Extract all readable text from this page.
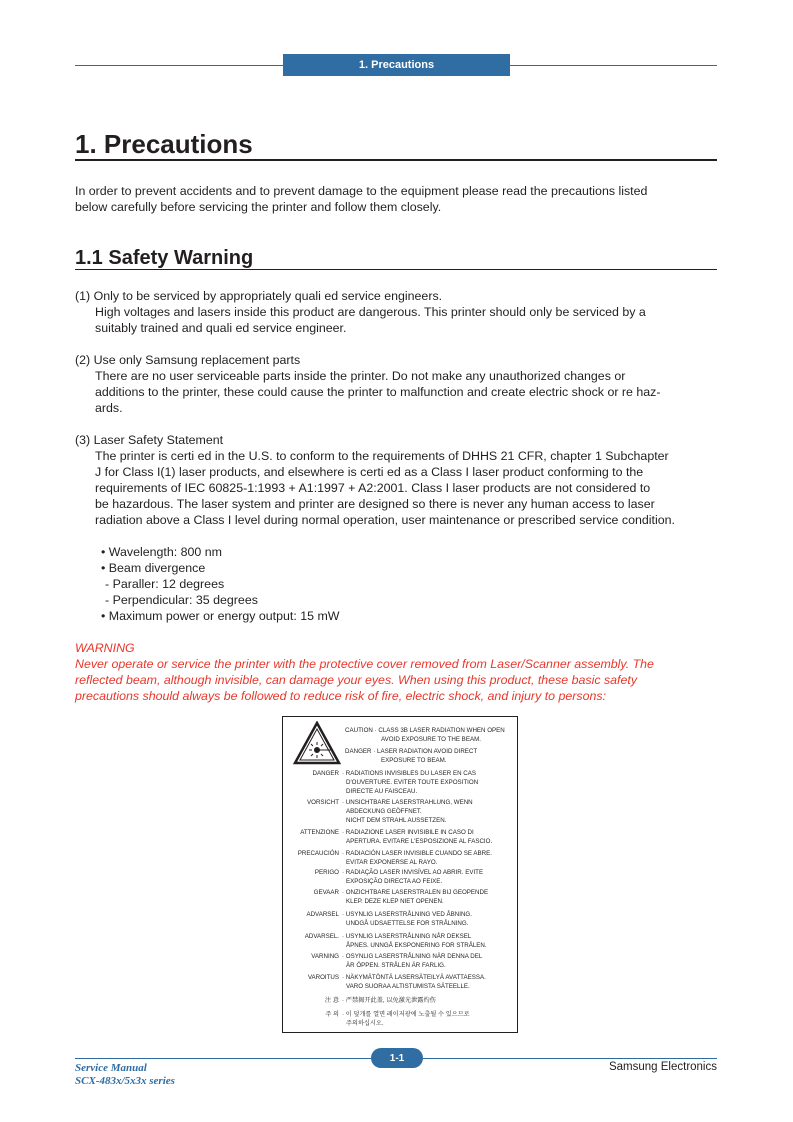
1. Precautions
1. Precautions
In order to prevent accidents and to prevent damage to the equipment please read the precautions listed
below carefully before servicing the printer and follow them closely.
1.1 Safety Warning
(1) Only to be serviced by appropriately quali ed service engineers.
High voltages and lasers inside this product are dangerous. This printer should only be serviced by a
suitably trained and quali ed service engineer.
(2) Use only Samsung replacement parts
There are no user serviceable parts inside the printer. Do not make any unauthorized changes or
additions to the printer, these could cause the printer to malfunction and create electric shock or re haz-
ards.
(3) Laser Safety Statement
The printer is certi ed in the U.S. to conform to the requirements of DHHS 21 CFR, chapter 1 Subchapter
J for Class I(1) laser products, and elsewhere is certi ed as a Class I laser product conforming to the
requirements of IEC 60825-1:1993 + A1:1997 + A2:2001. Class I laser products are not considered to
be hazardous. The laser system and printer are designed so there is never any human access to laser
radiation above a Class I level during normal operation, user maintenance or prescribed service condition.
• Wavelength: 800 nm
• Beam divergence
- Paraller: 12 degrees
- Perpendicular: 35 degrees
• Maximum power or energy output: 15 mW
WARNING
Never operate or service the printer with the protective cover removed from Laser/Scanner assembly. The
reflected beam, although invisible, can damage your eyes. When using this product, these basic safety
precautions should always be followed to reduce risk of fire, electric shock, and injury to persons:
CAUTION · CLASS 3B LASER RADIATION WHEN OPEN
AVOID EXPOSURE TO THE BEAM.
DANGER · LASER RADIATION AVOID DIRECT
EXPOSURE TO BEAM.
DANGER · RADIATIONS INVISIBLES DU LASER EN CAS
D'OUVERTURE. EVITER TOUTE EXPOSITION
DIRECTE AU FAISCEAU.
VORSICHT · UNSICHTBARE LASERSTRAHLUNG, WENN
ABDECKUNG GEÖFFNET.
NICHT DEM STRAHL AUSSETZEN.
ATTENZIONE · RADIAZIONE LASER INVISIBILE IN CASO DI
APERTURA. EVITARE L'ESPOSIZIONE AL FASCIO.
PRECAUCIÓN · RADIACIÓN LASER INVISIBLE CUANDO SE ABRE.
EVITAR EXPONERSE AL RAYO.
PERIGO · RADIAÇÃO LASER INVISÍVEL AO ABRIR. EVITE
EXPOSIÇÃO DIRECTA AO FEIXE.
GEVAAR · ONZICHTBARE LASERSTRALEN BIJ GEOPENDE
KLEP. DEZE KLEP NIET OPENEN.
ADVARSEL · USYNLIG LASERSTRÅLNING VED ÅBNING.
UNDGÅ UDSAETTELSE FOR STRÅLNING.
ADVARSEL. · USYNLIG LASERSTRÅLNING NÅR DEKSEL
ÅPNES. UNNGÅ EKSPONERING FOR STRÅLEN.
VARNING · OSYNLIG LASERSTRÅLNING NÄR DENNA DEL
ÄR ÖPPEN. STRÅLEN ÄR FARLIG.
VAROITUS · NÄKYMÄTÖNTÄ LASERSÄTEILYÄ AVATTAESSA.
VARO SUORAA ALTISTUMISTA SÄTEELLE.
注 意 · 严禁揭开此盖, 以免激光泄露灼伤
주 의 · 이 덮개를 열면 레이저광에 노출될 수 있으므로
주의하십시오.
1-1
Service Manual
SCX-483x/5x3x series
Samsung Electronics
